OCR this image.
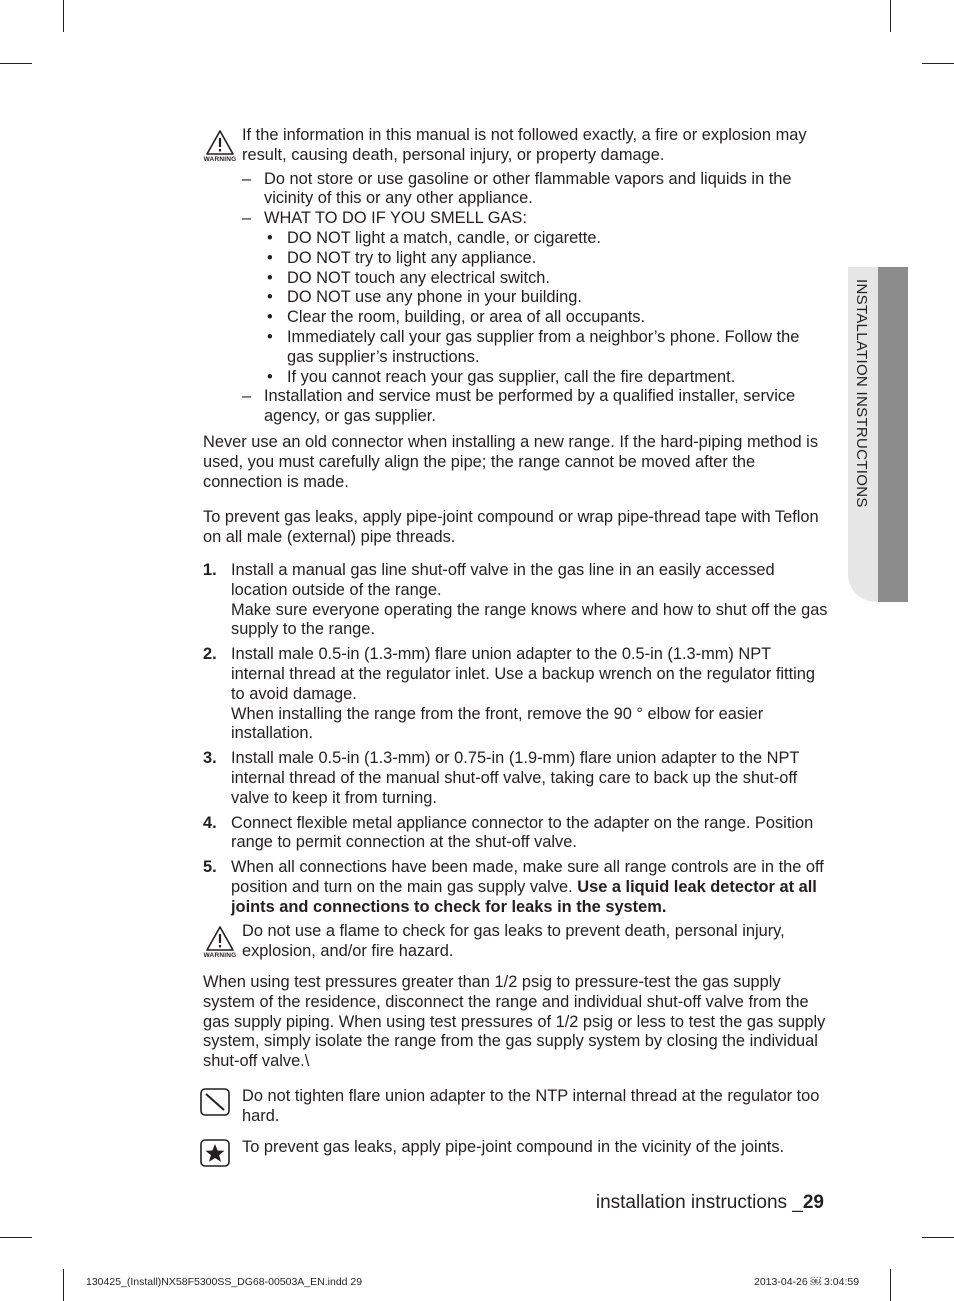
INSTALLATION INSTRUCTIONS
WARNING

If the information in this manual is not followed exactly, a fire or explosion may result, causing death, personal injury, or property damage.

– Do not store or use gasoline or other flammable vapors and liquids in the vicinity of this or any other appliance.
– WHAT TO DO IF YOU SMELL GAS:
• DO NOT light a match, candle, or cigarette.
• DO NOT try to light any appliance.
• DO NOT touch any electrical switch.
• DO NOT use any phone in your building.
• Clear the room, building, or area of all occupants.
• Immediately call your gas supplier from a neighbor’s phone. Follow the gas supplier’s instructions.
• If you cannot reach your gas supplier, call the fire department.
– Installation and service must be performed by a qualified installer, service agency, or gas supplier.

Never use an old connector when installing a new range. If the hard-piping method is used, you must carefully align the pipe; the range cannot be moved after the connection is made.

To prevent gas leaks, apply pipe-joint compound or wrap pipe-thread tape with Teflon on all male (external) pipe threads.

1. Install a manual gas line shut-off valve in the gas line in an easily accessed location outside of the range.
Make sure everyone operating the range knows where and how to shut off the gas supply to the range.
2. Install male 0.5-in (1.3-mm) flare union adapter to the 0.5-in (1.3-mm) NPT internal thread at the regulator inlet. Use a backup wrench on the regulator fitting to avoid damage.
When installing the range from the front, remove the 90 ° elbow for easier installation.
3. Install male 0.5-in (1.3-mm) or 0.75-in (1.9-mm) flare union adapter to the NPT internal thread of the manual shut-off valve, taking care to back up the shut-off valve to keep it from turning.
4. Connect flexible metal appliance connector to the adapter on the range. Position range to permit connection at the shut-off valve.
5. When all connections have been made, make sure all range controls are in the off position and turn on the main gas supply valve. Use a liquid leak detector at all joints and connections to check for leaks in the system.
WARNING

Do not use a flame to check for gas leaks to prevent death, personal injury, explosion, and/or fire hazard.

When using test pressures greater than 1/2 psig to pressure-test the gas supply system of the residence, disconnect the range and individual shut-off valve from the gas supply piping. When using test pressures of 1/2 psig or less to test the gas supply system, simply isolate the range from the gas supply system by closing the individual shut-off valve.\

Do not tighten flare union adapter to the NTP internal thread at the regulator too hard.

To prevent gas leaks, apply pipe-joint compound in the vicinity of the joints.

installation instructions _29
130425_(Install)NX58F5300SS_DG68-00503A_EN.indd 29	2013-04-26 ￼ 3:04:59
